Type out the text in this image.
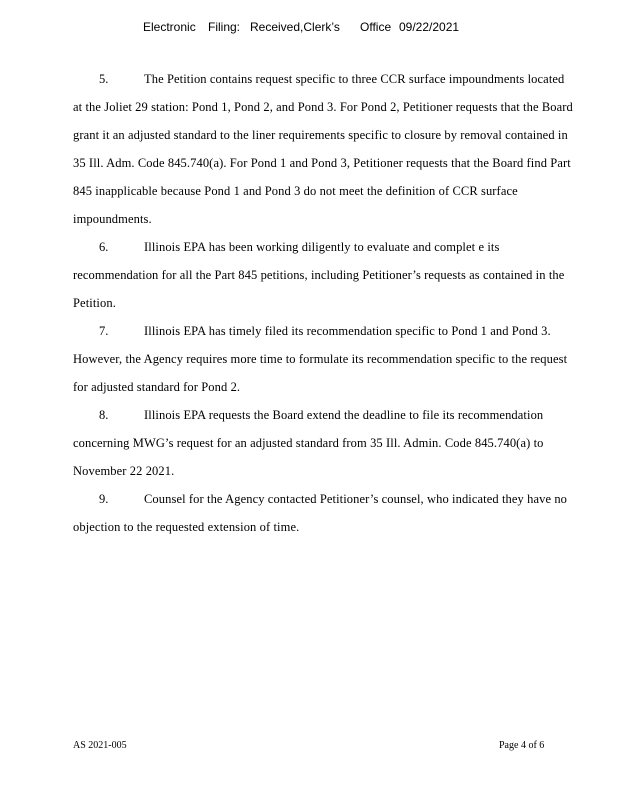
Electronic

Filing:

Received,Clerk’s

Office

09/22/2021

5.	The Petition contains request specific to three CCR surface impoundments located
at the Joliet 29 station: Pond 1, Pond 2, and Pond 3. For Pond 2, Petitioner requests that the Board
grant it an adjusted standard to the liner requirements specific to closure by removal contained in
35 Ill. Adm. Code 845.740(a). For Pond 1 and Pond 3, Petitioner requests that the Board find Part
845 inapplicable because Pond 1 and Pond 3 do not meet the definition of CCR surface
impoundments.
6.	Illinois EPA has been working diligently to evaluate and complet e its
recommendation for all the Part 845 petitions, including Petitioner’s requests as contained in the
Petition.
7.	Illinois EPA has timely filed its recommendation specific to Pond 1 and Pond 3.
However, the Agency requires more time to formulate its recommendation specific to the request
for adjusted standard for Pond 2.
8.	Illinois EPA requests the Board extend the deadline to file its recommendation
concerning MWG’s request for an adjusted standard from 35 Ill. Admin. Code 845.740(a) to
November 22 2021.
9.	Counsel for the Agency contacted Petitioner’s counsel, who indicated they have no
objection to the requested extension of time.
AS 2021-005	Page 4 of 6
